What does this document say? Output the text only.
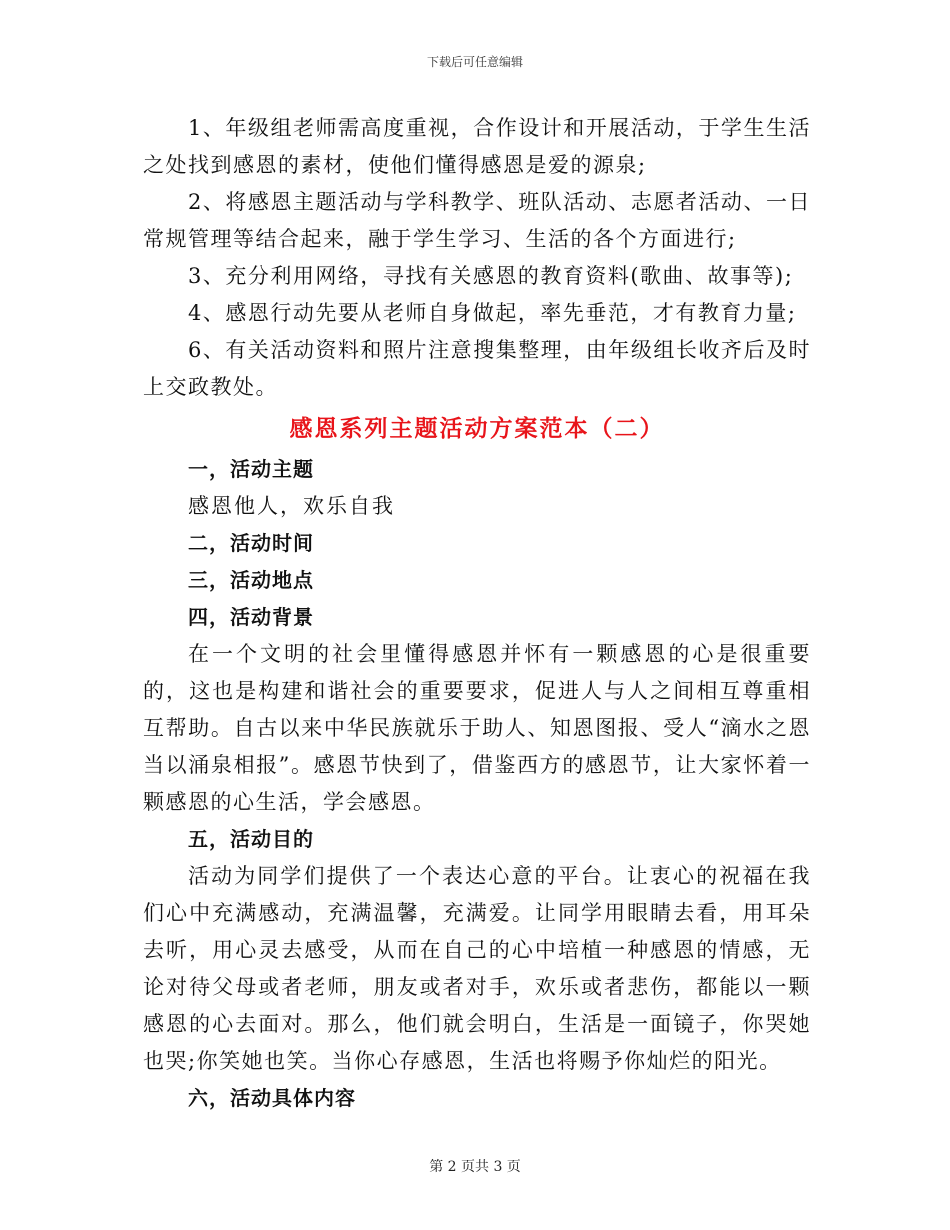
下载后可任意编辑

1、年级组老师需高度重视，合作设计和开展活动，于学生生活之处找到感恩的素材，使他们懂得感恩是爱的源泉;

2、将感恩主题活动与学科教学、班队活动、志愿者活动、一日常规管理等结合起来，融于学生学习、生活的各个方面进行;

3、充分利用网络，寻找有关感恩的教育资料(歌曲、故事等);

4、感恩行动先要从老师自身做起，率先垂范，才有教育力量;

6、有关活动资料和照片注意搜集整理，由年级组长收齐后及时上交政教处。

感恩系列主题活动方案范本（二）

一，活动主题

感恩他人，欢乐自我

二，活动时间

三，活动地点

四，活动背景

在一个文明的社会里懂得感恩并怀有一颗感恩的心是很重要的，这也是构建和谐社会的重要要求，促进人与人之间相互尊重相互帮助。自古以来中华民族就乐于助人、知恩图报、受人“滴水之恩当以涌泉相报”。感恩节快到了，借鉴西方的感恩节，让大家怀着一颗感恩的心生活，学会感恩。

五，活动目的

活动为同学们提供了一个表达心意的平台。让衷心的祝福在我们心中充满感动，充满温馨，充满爱。让同学用眼睛去看，用耳朵去听，用心灵去感受，从而在自己的心中培植一种感恩的情感，无论对待父母或者老师，朋友或者对手，欢乐或者悲伤，都能以一颗感恩的心去面对。那么，他们就会明白，生活是一面镜子，你哭她也哭;你笑她也笑。当你心存感恩，生活也将赐予你灿烂的阳光。

六，活动具体内容

第 2 页共 3 页
